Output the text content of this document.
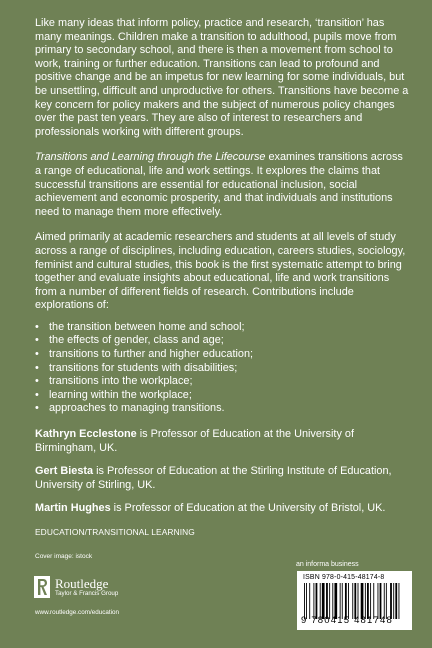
Like many ideas that inform policy, practice and research, ‘transition’ has many meanings. Children make a transition to adulthood, pupils move from primary to secondary school, and there is then a movement from school to work, training or further education. Transitions can lead to profound and positive change and be an impetus for new learning for some individuals, but be unsettling, difficult and unproductive for others. Transitions have become a key concern for policy makers and the subject of numerous policy changes over the past ten years. They are also of interest to researchers and professionals working with different groups.

Transitions and Learning through the Lifecourse examines transitions across a range of educational, life and work settings. It explores the claims that successful transitions are essential for educational inclusion, social achievement and economic prosperity, and that individuals and institutions need to manage them more effectively.

Aimed primarily at academic researchers and students at all levels of study across a range of disciplines, including education, careers studies, sociology, feminist and cultural studies, this book is the first systematic attempt to bring together and evaluate insights about educational, life and work transitions from a number of different fields of research. Contributions include explorations of:

• the transition between home and school;
• the effects of gender, class and age;
• transitions to further and higher education;
• transitions for students with disabilities;
• transitions into the workplace;
• learning within the workplace;
• approaches to managing transitions.

Kathryn Ecclestone is Professor of Education at the University of Birmingham, UK.

Gert Biesta is Professor of Education at the Stirling Institute of Education, University of Stirling, UK.

Martin Hughes is Professor of Education at the University of Bristol, UK.

EDUCATION/TRANSITIONAL LEARNING

Cover image: istock
Routledge
Taylor & Francis Group
www.routledge.com/education
an informa business
ISBN 978-0-415-48174-8
9 780415 481748
